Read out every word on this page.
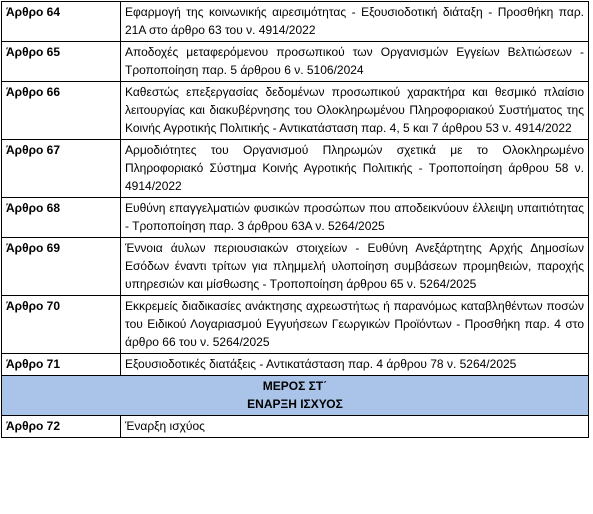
Άρθρο 64	Εφαρμογή της κοινωνικής αιρεσιμότητας - Εξουσιοδοτική διάταξη - Προσθήκη παρ. 21Α στο άρθρο 63 του ν. 4914/2022
Άρθρο 65	Αποδοχές μεταφερόμενου προσωπικού των Οργανισμών Εγγείων Βελτιώσεων - Τροποποίηση παρ. 5 άρθρου 6 ν. 5106/2024
Άρθρο 66	Καθεστώς επεξεργασίας δεδομένων προσωπικού χαρακτήρα και θεσμικό πλαίσιο λειτουργίας και διακυβέρνησης του Ολοκληρωμένου Πληροφοριακού Συστήματος της Κοινής Αγροτικής Πολιτικής - Αντικατάσταση παρ. 4, 5 και 7 άρθρου 53 ν. 4914/2022
Άρθρο 67	Αρμοδιότητες του Οργανισμού Πληρωμών σχετικά με το Ολοκληρωμένο Πληροφοριακό Σύστημα Κοινής Αγροτικής Πολιτικής - Τροποποίηση άρθρου 58 ν. 4914/2022
Άρθρο 68	Ευθύνη επαγγελματιών φυσικών προσώπων που αποδεικνύουν έλλειψη υπαιτιότητας - Τροποποίηση παρ. 3 άρθρου 63Α ν. 5264/2025
Άρθρο 69	Έννοια άυλων περιουσιακών στοιχείων - Ευθύνη Ανεξάρτητης Αρχής Δημοσίων Εσόδων έναντι τρίτων για πλημμελή υλοποίηση συμβάσεων προμηθειών, παροχής υπηρεσιών και μίσθωσης - Τροποποίηση άρθρου 65 ν. 5264/2025
Άρθρο 70	Εκκρεμείς διαδικασίες ανάκτησης αχρεωστήτως ή παρανόμως καταβληθέντων ποσών του Ειδικού Λογαριασμού Εγγυήσεων Γεωργικών Προϊόντων - Προσθήκη παρ. 4 στο άρθρο 66 του ν. 5264/2025
Άρθρο 71	Εξουσιοδοτικές διατάξεις - Αντικατάσταση παρ. 4 άρθρου 78 ν. 5264/2025

ΜΕΡΟΣ ΣΤ΄
ΕΝΑΡΞΗ ΙΣΧΥΟΣ	

Άρθρο 72	Έναρξη ισχύος
